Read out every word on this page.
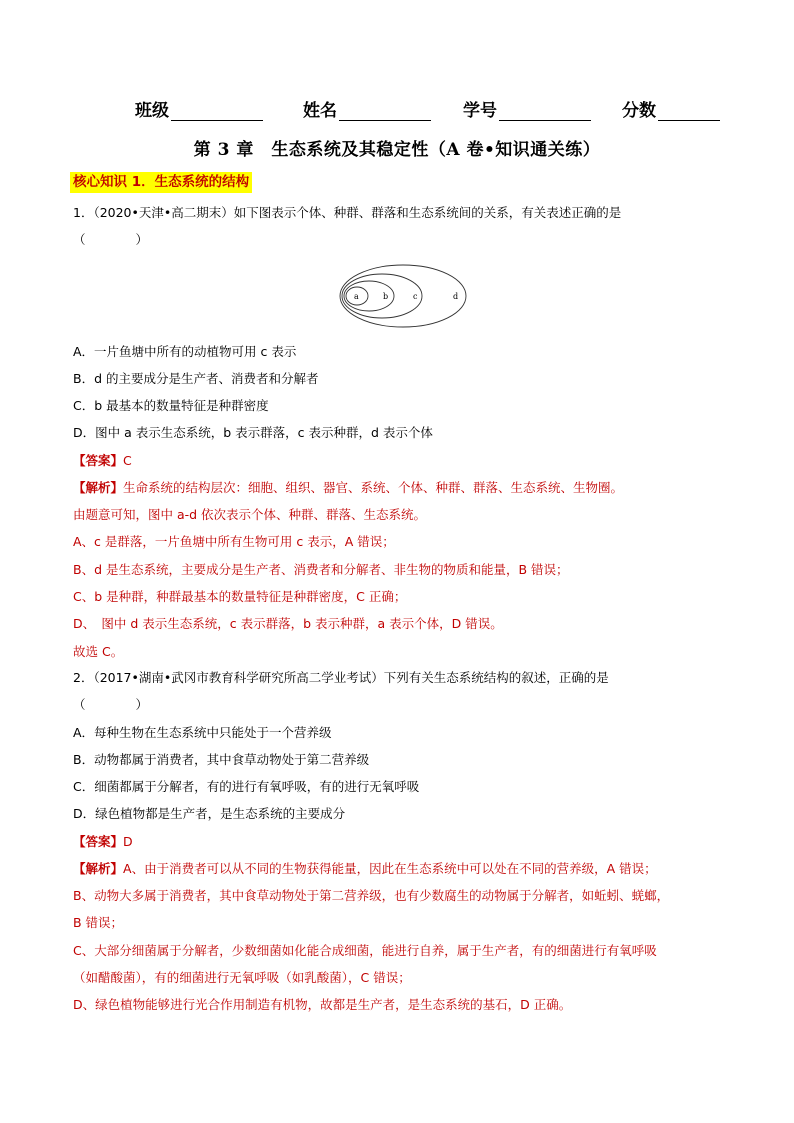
班级	姓名	学号	分数
第 3 章　生态系统及其稳定性（A 卷•知识通关练）
核心知识 1．生态系统的结构
1．（2020•天津•高二期末）如下图表示个体、种群、群落和生态系统间的关系，有关表述正确的是
（　　　　）
a	b	c	d
A．一片鱼塘中所有的动植物可用 c 表示
B．d 的主要成分是生产者、消费者和分解者
C．b 最基本的数量特征是种群密度
D．图中 a 表示生态系统，b 表示群落，c 表示种群，d 表示个体
【答案】C
【解析】生命系统的结构层次：细胞、组织、器官、系统、个体、种群、群落、生态系统、生物圈。
由题意可知，图中 a-d 依次表示个体、种群、群落、生态系统。
A、c 是群落，一片鱼塘中所有生物可用 c 表示，A 错误；
B、d 是生态系统，主要成分是生产者、消费者和分解者、非生物的物质和能量，B 错误；
C、b 是种群，种群最基本的数量特征是种群密度，C 正确；
D、　图中 d 表示生态系统，c 表示群落，b 表示种群，a 表示个体，D 错误。
故选 C。
2．（2017•湖南•武冈市教育科学研究所高二学业考试）下列有关生态系统结构的叙述，正确的是
（　　　　）
A．每种生物在生态系统中只能处于一个营养级
B．动物都属于消费者，其中食草动物处于第二营养级
C．细菌都属于分解者，有的进行有氧呼吸，有的进行无氧呼吸
D．绿色植物都是生产者，是生态系统的主要成分
【答案】D
【解析】A、由于消费者可以从不同的生物获得能量，因此在生态系统中可以处在不同的营养级，A 错误；
B、动物大多属于消费者，其中食草动物处于第二营养级，也有少数腐生的动物属于分解者，如蚯蚓、蜣螂，
B 错误；
C、大部分细菌属于分解者，少数细菌如化能合成细菌，能进行自养，属于生产者，有的细菌进行有氧呼吸
（如醋酸菌），有的细菌进行无氧呼吸（如乳酸菌），C 错误；
D、绿色植物能够进行光合作用制造有机物，故都是生产者，是生态系统的基石，D 正确。
